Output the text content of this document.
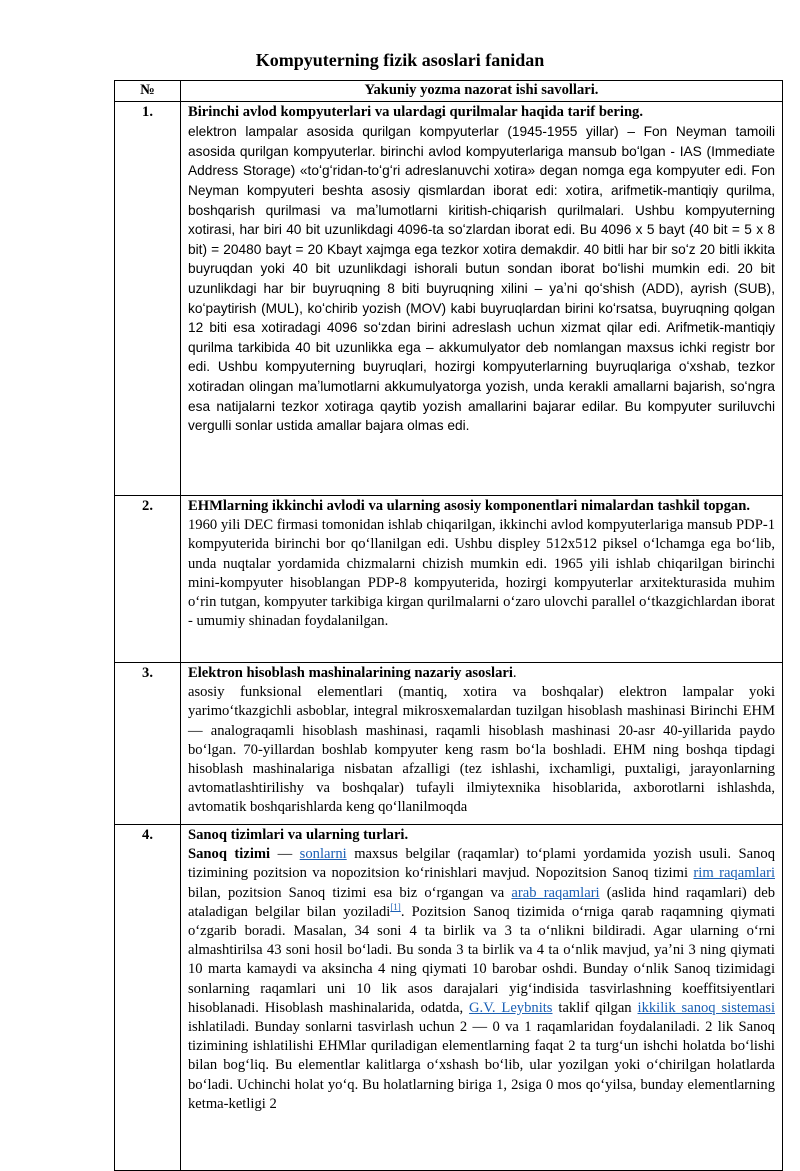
Kompyuterning fizik asoslari fanidan
№	Yakuniy yozma nazorat ishi savollari.
1.	Birinchi avlod kompyuterlari va ulardagi qurilmalar haqida tarif bering.
elektron lampalar asosida qurilgan kompyuterlar (1945-1955 yillar) – Fon Neyman tamoili asosida qurilgan kompyuterlar. birinchi avlod kompyuterlariga mansub boʻlgan - IAS (Immediate Address Storage) «toʻgʻridan-toʻgʻri adreslanuvchi xotira» degan nomga ega kompyuter edi. Fon Neyman kompyuteri beshta asosiy qismlardan iborat edi: xotira, arifmetik-mantiqiy qurilma, boshqarish qurilmasi va maʼlumotlarni kiritish-chiqarish qurilmalari. Ushbu kompyuterning xotirasi, har biri 40 bit uzunlikdagi 4096-ta soʻzlardan iborat edi. Bu 4096 x 5 bayt (40 bit = 5 x 8 bit) = 20480 bayt = 20 Kbayt xajmga ega tezkor xotira demakdir. 40 bitli har bir soʻz 20 bitli ikkita buyruqdan yoki 40 bit uzunlikdagi ishorali butun sondan iborat boʻlishi mumkin edi. 20 bit uzunlikdagi har bir buyruqning 8 biti buyruqning xilini – yaʼni qoʻshish (ADD), ayrish (SUB), koʻpaytirish (MUL), koʻchirib yozish (MOV) kabi buyruqlardan birini koʻrsatsa, buyruqning qolgan 12 biti esa xotiradagi 4096 soʻzdan birini adreslash uchun xizmat qilar edi. Arifmetik-mantiqiy qurilma tarkibida 40 bit uzunlikka ega – akkumulyator deb nomlangan maxsus ichki registr bor edi. Ushbu kompyuterning buyruqlari, hozirgi kompyuterlarning buyruqlariga oʻxshab, tezkor xotiradan olingan maʼlumotlarni akkumulyatorga yozish, unda kerakli amallarni bajarish, soʻngra esa natijalarni tezkor xotiraga qaytib yozish amallarini bajarar edilar. Bu kompyuter suriluvchi vergulli sonlar ustida amallar bajara olmas edi.

2.	EHMlarning ikkinchi avlodi va ularning asosiy komponentlari nimalardan tashkil topgan.
1960 yili DEC firmasi tomonidan ishlab chiqarilgan, ikkinchi avlod kompyuterlariga mansub PDP-1 kompyuterida birinchi bor qoʻllanilgan edi. Ushbu displey 512x512 piksel oʻlchamga ega boʻlib, unda nuqtalar yordamida chizmalarni chizish mumkin edi. 1965 yili ishlab chiqarilgan birinchi mini-kompyuter hisoblangan PDP-8 kompyuterida, hozirgi kompyuterlar arxitekturasida muhim oʻrin tutgan, kompyuter tarkibiga kirgan qurilmalarni oʻzaro ulovchi parallel oʻtkazgichlardan iborat - umumiy shinadan foydalanilgan.

3.	Elektron hisoblash mashinalarining nazariy asoslari.
asosiy funksional elementlari (mantiq, xotira va boshqalar) elektron lampalar yoki yarimoʻtkazgichli asboblar, integral mikrosxemalardan tuzilgan hisoblash mashinasi Birinchi EHM — analograqamli hisoblash mashinasi, raqamli hisoblash mashinasi 20-asr 40-yillarida paydo boʻlgan. 70-yillardan boshlab kompyuter keng rasm boʻla boshladi. EHM ning boshqa tipdagi hisoblash mashinalariga nisbatan afzalligi (tez ishlashi, ixchamligi, puxtaligi, jarayonlarning avtomatlashtirilishy va boshqalar) tufayli ilmiytexnika hisoblarida, axborotlarni ishlashda, avtomatik boshqarishlarda keng qoʻllanilmoqda

4.	Sanoq tizimlari va ularning turlari.
Sanoq tizimi — sonlarni maxsus belgilar (raqamlar) toʻplami yordamida yozish usuli. Sanoq tizimining pozitsion va nopozitsion koʻrinishlari mavjud. Nopozitsion Sanoq tizimi rim raqamlari bilan, pozitsion Sanoq tizimi esa biz oʻrgangan va arab raqamlari (aslida hind raqamlari) deb ataladigan belgilar bilan yoziladi[1]. Pozitsion Sanoq tizimida oʻrniga qarab raqamning qiymati oʻzgarib boradi. Masalan, 34 soni 4 ta birlik va 3 ta oʻnlikni bildiradi. Agar ularning oʻrni almashtirilsa 43 soni hosil boʻladi. Bu sonda 3 ta birlik va 4 ta oʻnlik mavjud, yaʼni 3 ning qiymati 10 marta kamaydi va aksincha 4 ning qiymati 10 barobar oshdi. Bunday oʻnlik Sanoq tizimidagi sonlarning raqamlari uni 10 lik asos darajalari yigʻindisida tasvirlashning koeffitsiyentlari hisoblanadi. Hisoblash mashinalarida, odatda, G.V. Leybnits taklif qilgan ikkilik sanoq sistemasi ishlatiladi. Bunday sonlarni tasvirlash uchun 2 — 0 va 1 raqamlaridan foydalaniladi. 2 lik Sanoq tizimining ishlatilishi EHMlar quriladigan elementlarning faqat 2 ta turgʻun ishchi holatda boʻlishi bilan bogʻliq. Bu elementlar kalitlarga oʻxshash boʻlib, ular yozilgan yoki oʻchirilgan holatlarda boʻladi. Uchinchi holat yoʻq. Bu holatlarning biriga 1, 2siga 0 mos qoʻyilsa, bunday elementlarning ketma-ketligi 2
